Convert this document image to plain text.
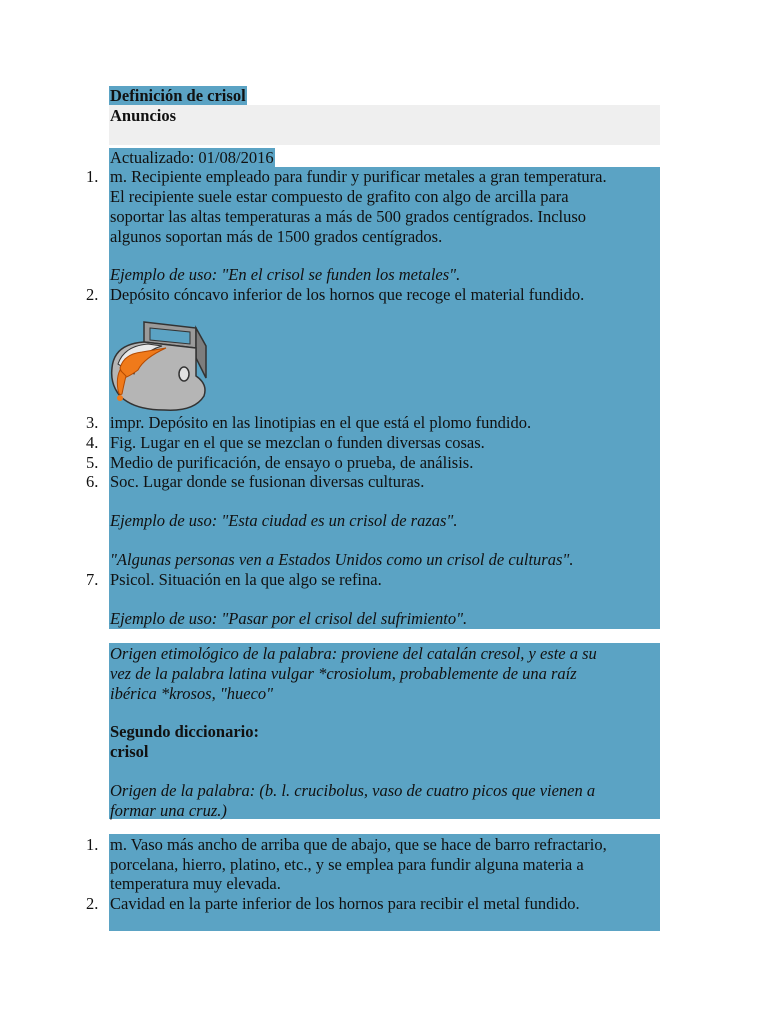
Definición de crisol
Anuncios
Actualizado: 01/08/2016
1. m. Recipiente empleado para fundir y purificar metales a gran temperatura.
El recipiente suele estar compuesto de grafito con algo de arcilla para
soportar las altas temperaturas a más de 500 grados centígrados. Incluso
algunos soportan más de 1500 grados centígrados.
Ejemplo de uso: "En el crisol se funden los metales".
2. Depósito cóncavo inferior de los hornos que recoge el material fundido.
3. impr. Depósito en las linotipias en el que está el plomo fundido.
4. Fig. Lugar en el que se mezclan o funden diversas cosas.
5. Medio de purificación, de ensayo o prueba, de análisis.
6. Soc. Lugar donde se fusionan diversas culturas.
Ejemplo de uso: "Esta ciudad es un crisol de razas".
"Algunas personas ven a Estados Unidos como un crisol de culturas".
7. Psicol. Situación en la que algo se refina.
Ejemplo de uso: "Pasar por el crisol del sufrimiento".
Origen etimológico de la palabra: proviene del catalán cresol, y este a su
vez de la palabra latina vulgar *crosiolum, probablemente de una raíz
ibérica *krosos, "hueco"
Segundo diccionario:
crisol
Origen de la palabra: (b. l. crucibolus, vaso de cuatro picos que vienen a
formar una cruz.)
1. m. Vaso más ancho de arriba que de abajo, que se hace de barro refractario,
porcelana, hierro, platino, etc., y se emplea para fundir alguna materia a
temperatura muy elevada.
2. Cavidad en la parte inferior de los hornos para recibir el metal fundido.
